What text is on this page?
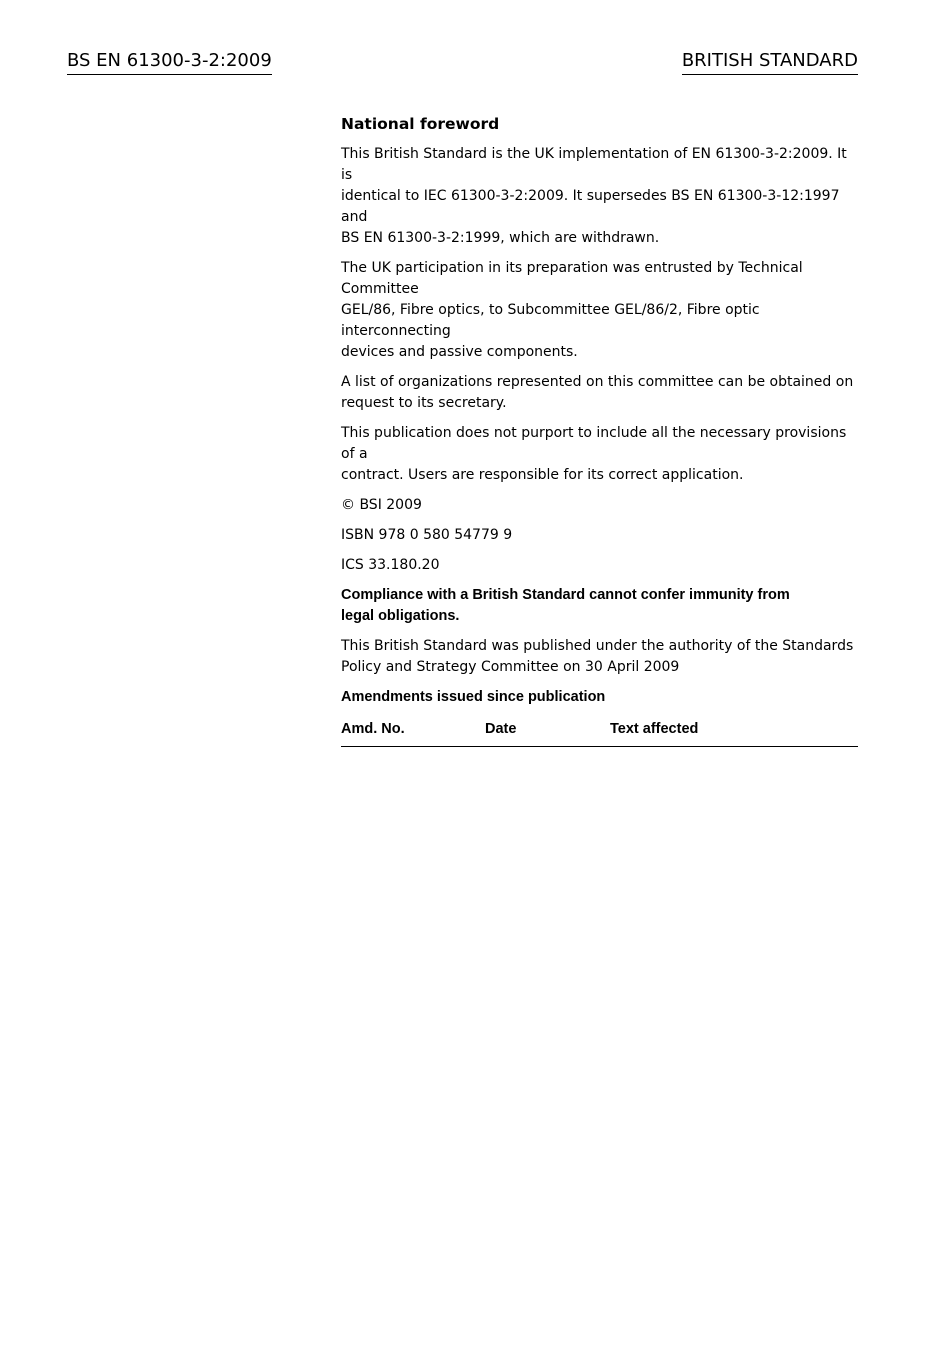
BS EN 61300-3-2:2009	BRITISH STANDARD

National foreword

This British Standard is the UK implementation of EN 61300-3-2:2009. It is
identical to IEC 61300-3-2:2009. It supersedes BS EN 61300-3-12:1997 and
BS EN 61300-3-2:1999, which are withdrawn.

The UK participation in its preparation was entrusted by Technical Committee
GEL/86, Fibre optics, to Subcommittee GEL/86/2, Fibre optic interconnecting
devices and passive components.

A list of organizations represented on this committee can be obtained on
request to its secretary.

This publication does not purport to include all the necessary provisions of a
contract. Users are responsible for its correct application.

© BSI 2009

ISBN 978 0 580 54779 9

ICS 33.180.20

Compliance with a British Standard cannot confer immunity from
legal obligations.

This British Standard was published under the authority of the Standards
Policy and Strategy Committee on 30 April 2009

Amendments issued since publication

Amd. No.	Date	Text affected
